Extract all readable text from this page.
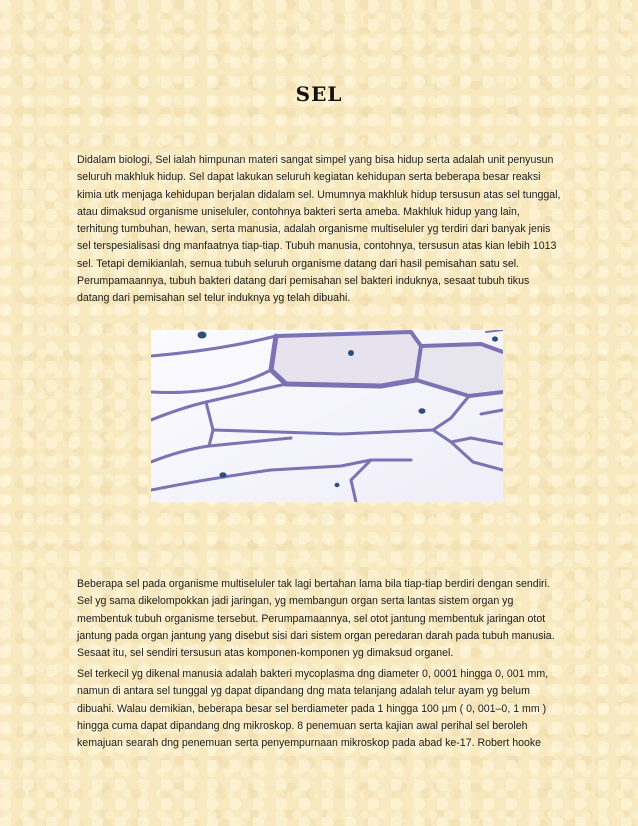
SEL

Didalam biologi, Sel ialah himpunan materi sangat simpel yang bisa hidup serta adalah unit penyusun seluruh makhluk hidup. Sel dapat lakukan seluruh kegiatan kehidupan serta beberapa besar reaksi kimia utk menjaga kehidupan berjalan didalam sel. Umumnya makhluk hidup tersusun atas sel tunggal, atau dimaksud organisme uniseluler, contohnya bakteri serta ameba. Makhluk hidup yang lain, terhitung tumbuhan, hewan, serta manusia, adalah organisme multiseluler yg terdiri dari banyak jenis sel terspesialisasi dng manfaatnya tiap-tiap. Tubuh manusia, contohnya, tersusun atas kian lebih 1013 sel. Tetapi demikianlah, semua tubuh seluruh organisme datang dari hasil pemisahan satu sel. Perumpamaannya, tubuh bakteri datang dari pemisahan sel bakteri induknya, sesaat tubuh tikus datang dari pemisahan sel telur induknya yg telah dibuahi.

Beberapa sel pada organisme multiseluler tak lagi bertahan lama bila tiap-tiap berdiri dengan sendiri. Sel yg sama dikelompokkan jadi jaringan, yg membangun organ serta lantas sistem organ yg membentuk tubuh organisme tersebut. Perumpamaannya, sel otot jantung membentuk jaringan otot jantung pada organ jantung yang disebut sisi dari sistem organ peredaran darah pada tubuh manusia. Sesaat itu, sel sendiri tersusun atas komponen-komponen yg dimaksud organel.

Sel terkecil yg dikenal manusia adalah bakteri mycoplasma dng diameter 0, 0001 hingga 0, 001 mm, namun di antara sel tunggal yg dapat dipandang dng mata telanjang adalah telur ayam yg belum dibuahi. Walau demikian, beberapa besar sel berdiameter pada 1 hingga 100 µm ( 0, 001–0, 1 mm ) hingga cuma dapat dipandang dng mikroskop. 8 penemuan serta kajian awal perihal sel beroleh kemajuan searah dng penemuan serta penyempurnaan mikroskop pada abad ke-17. Robert hooke
